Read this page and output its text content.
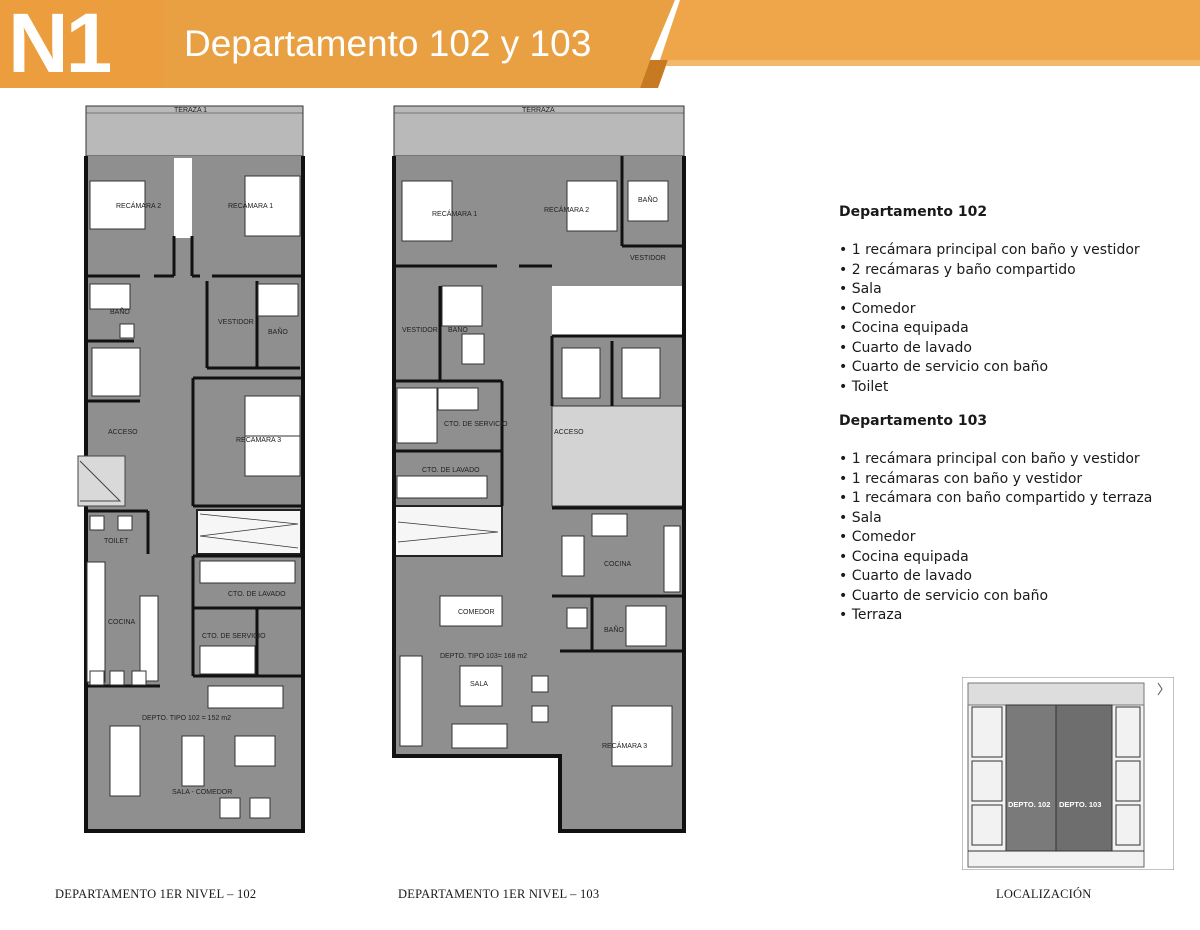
N1 Departamento 102 y 103
TERAZA 1
RECÁMARA 2	RECÁMARA 1
BAÑO
VESTIDOR
BAÑO
ACCESO
RECÁMARA 3
TOILET
COCINA
CTO. DE LAVADO
CTO. DE SERVICIO
DEPTO. TIPO 102 = 152 m2
SALA - COMEDOR
TERRAZA
RECÁMARA 1
RECÁMARA 2
BAÑO
VESTIDOR
VESTIDOR BAÑO
CTO. DE SERVICIO
ACCESO
CTO. DE LAVADO
COCINA
COMEDOR
BAÑO
DEPTO. TIPO 103= 168 m2
SALA
RECÁMARA 3
Departamento 102
• 1 recámara principal con baño y vestidor
• 2 recámaras y baño compartido
• Sala
• Comedor
• Cocina equipada
• Cuarto de lavado
• Cuarto de servicio con baño
• Toilet
Departamento 103
• 1 recámara principal con baño y vestidor
• 1 recámaras con baño y vestidor
• 1 recámara con baño compartido y terraza
• Sala
• Comedor
• Cocina equipada
• Cuarto de lavado
• Cuarto de servicio con baño
• Terraza
DEPTO. 102 DEPTO. 103
DEPARTAMENTO 1ER NIVEL – 102	DEPARTAMENTO 1ER NIVEL – 103	LOCALIZACIÓN
